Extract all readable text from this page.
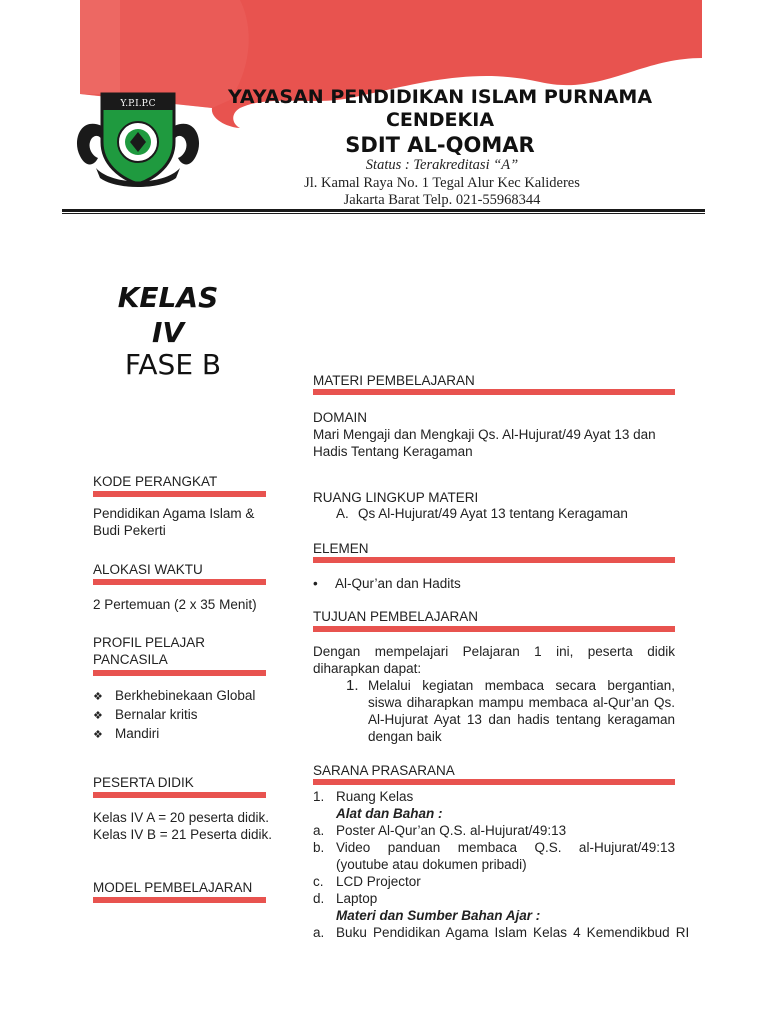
Y.P.I.P.C	YAYASAN PENDIDIKAN ISLAM PURNAMA
CENDEKIA
SDIT AL-QOMAR
Status : Terakreditasi “A”
Jl. Kamal Raya No. 1 Tegal Alur Kec Kalideres
Jakarta Barat Telp. 021-55968344
KELAS
IV
FASE B
KODE PERANGKAT
Pendidikan Agama Islam &
Budi Pekerti
ALOKASI WAKTU
2 Pertemuan (2 x 35 Menit)
PROFIL PELAJAR
PANCASILA
❖ Berkhebinekaan Global
❖ Bernalar kritis
❖ Mandiri
PESERTA DIDIK
Kelas IV A = 20 peserta didik.
Kelas IV B = 21 Peserta didik.
MODEL PEMBELAJARAN
MATERI PEMBELAJARAN
DOMAIN
Mari Mengaji dan Mengkaji Qs. Al-Hujurat/49 Ayat 13 dan Hadis Tentang Keragaman
RUANG LINGKUP MATERI
A. Qs Al-Hujurat/49 Ayat 13 tentang Keragaman
ELEMEN
• Al-Qur’an dan Hadits
TUJUAN PEMBELAJARAN
Dengan mempelajari Pelajaran 1 ini, peserta didik diharapkan dapat:
1. Melalui kegiatan membaca secara bergantian, siswa diharapkan mampu membaca al-Qur’an Qs. Al-Hujurat Ayat 13 dan hadis tentang keragaman dengan baik
SARANA PRASARANA
1. Ruang Kelas
Alat dan Bahan :
a. Poster Al-Qur’an Q.S. al-Hujurat/49:13
b. Video panduan membaca Q.S. al-Hujurat/49:13 (youtube atau dokumen pribadi)
c. LCD Projector
d. Laptop
Materi dan Sumber Bahan Ajar :
a. Buku Pendidikan Agama Islam Kelas 4 Kemendikbud RI
